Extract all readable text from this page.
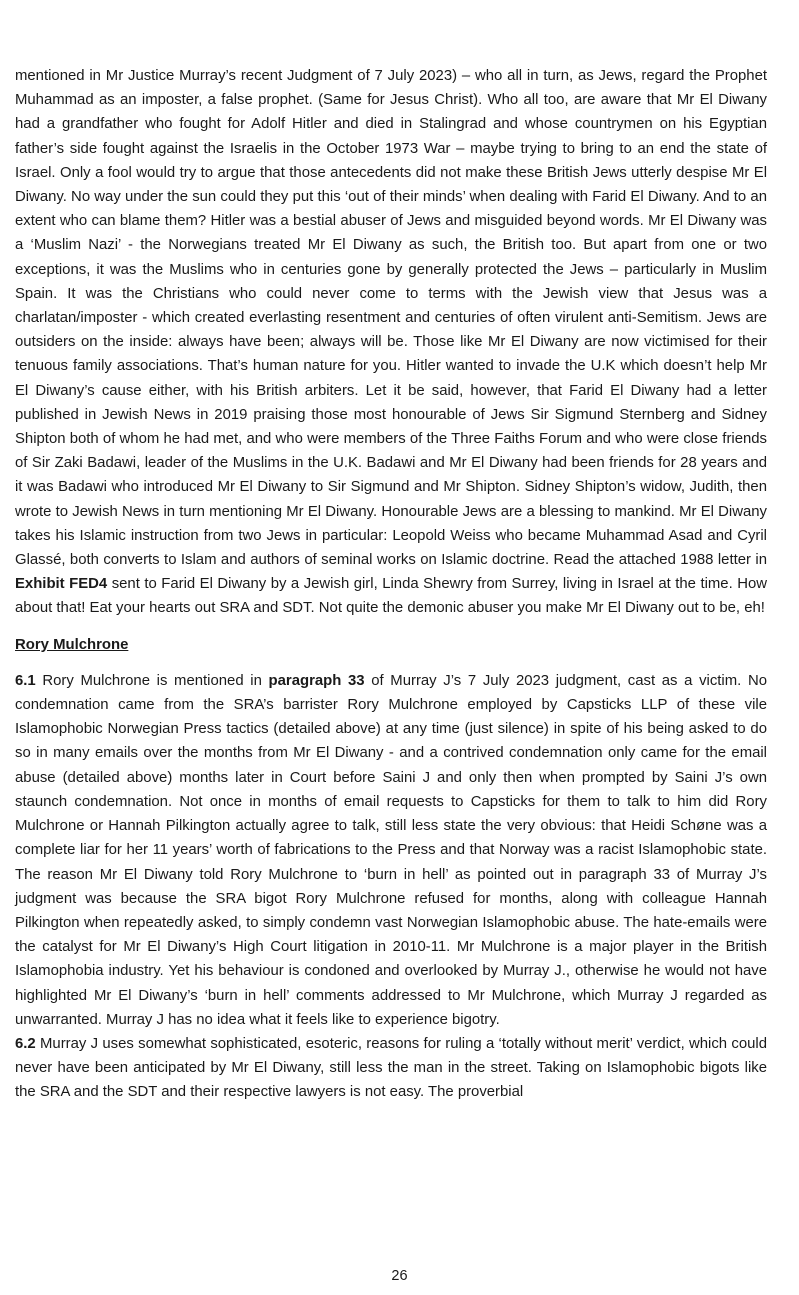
mentioned in Mr Justice Murray’s recent Judgment of 7 July 2023) – who all in turn, as Jews, regard the Prophet Muhammad as an imposter, a false prophet. (Same for Jesus Christ). Who all too, are aware that Mr El Diwany had a grandfather who fought for Adolf Hitler and died in Stalingrad and whose countrymen on his Egyptian father’s side fought against the Israelis in the October 1973 War – maybe trying to bring to an end the state of Israel. Only a fool would try to argue that those antecedents did not make these British Jews utterly despise Mr El Diwany. No way under the sun could they put this ‘out of their minds’ when dealing with Farid El Diwany. And to an extent who can blame them? Hitler was a bestial abuser of Jews and misguided beyond words. Mr El Diwany was a ‘Muslim Nazi’ - the Norwegians treated Mr El Diwany as such, the British too. But apart from one or two exceptions, it was the Muslims who in centuries gone by generally protected the Jews – particularly in Muslim Spain. It was the Christians who could never come to terms with the Jewish view that Jesus was a charlatan/imposter - which created everlasting resentment and centuries of often virulent anti-Semitism. Jews are outsiders on the inside: always have been; always will be. Those like Mr El Diwany are now victimised for their tenuous family associations. That’s human nature for you. Hitler wanted to invade the U.K which doesn’t help Mr El Diwany’s cause either, with his British arbiters. Let it be said, however, that Farid El Diwany had a letter published in Jewish News in 2019 praising those most honourable of Jews Sir Sigmund Sternberg and Sidney Shipton both of whom he had met, and who were members of the Three Faiths Forum and who were close friends of Sir Zaki Badawi, leader of the Muslims in the U.K. Badawi and Mr El Diwany had been friends for 28 years and it was Badawi who introduced Mr El Diwany to Sir Sigmund and Mr Shipton. Sidney Shipton’s widow, Judith, then wrote to Jewish News in turn mentioning Mr El Diwany. Honourable Jews are a blessing to mankind. Mr El Diwany takes his Islamic instruction from two Jews in particular: Leopold Weiss who became Muhammad Asad and Cyril Glassé, both converts to Islam and authors of seminal works on Islamic doctrine. Read the attached 1988 letter in Exhibit FED4 sent to Farid El Diwany by a Jewish girl, Linda Shewry from Surrey, living in Israel at the time. How about that! Eat your hearts out SRA and SDT. Not quite the demonic abuser you make Mr El Diwany out to be, eh!

Rory Mulchrone

6.1 Rory Mulchrone is mentioned in paragraph 33 of Murray J’s 7 July 2023 judgment, cast as a victim. No condemnation came from the SRA’s barrister Rory Mulchrone employed by Capsticks LLP of these vile Islamophobic Norwegian Press tactics (detailed above) at any time (just silence) in spite of his being asked to do so in many emails over the months from Mr El Diwany - and a contrived condemnation only came for the email abuse (detailed above) months later in Court before Saini J and only then when prompted by Saini J’s own staunch condemnation. Not once in months of email requests to Capsticks for them to talk to him did Rory Mulchrone or Hannah Pilkington actually agree to talk, still less state the very obvious: that Heidi Schøne was a complete liar for her 11 years’ worth of fabrications to the Press and that Norway was a racist Islamophobic state. The reason Mr El Diwany told Rory Mulchrone to ‘burn in hell’ as pointed out in paragraph 33 of Murray J’s judgment was because the SRA bigot Rory Mulchrone refused for months, along with colleague Hannah Pilkington when repeatedly asked, to simply condemn vast Norwegian Islamophobic abuse. The hate-emails were the catalyst for Mr El Diwany’s High Court litigation in 2010-11. Mr Mulchrone is a major player in the British Islamophobia industry. Yet his behaviour is condoned and overlooked by Murray J., otherwise he would not have highlighted Mr El Diwany’s ‘burn in hell’ comments addressed to Mr Mulchrone, which Murray J regarded as unwarranted. Murray J has no idea what it feels like to experience bigotry.

6.2 Murray J uses somewhat sophisticated, esoteric, reasons for ruling a ‘totally without merit’ verdict, which could never have been anticipated by Mr El Diwany, still less the man in the street. Taking on Islamophobic bigots like the SRA and the SDT and their respective lawyers is not easy. The proverbial

26
